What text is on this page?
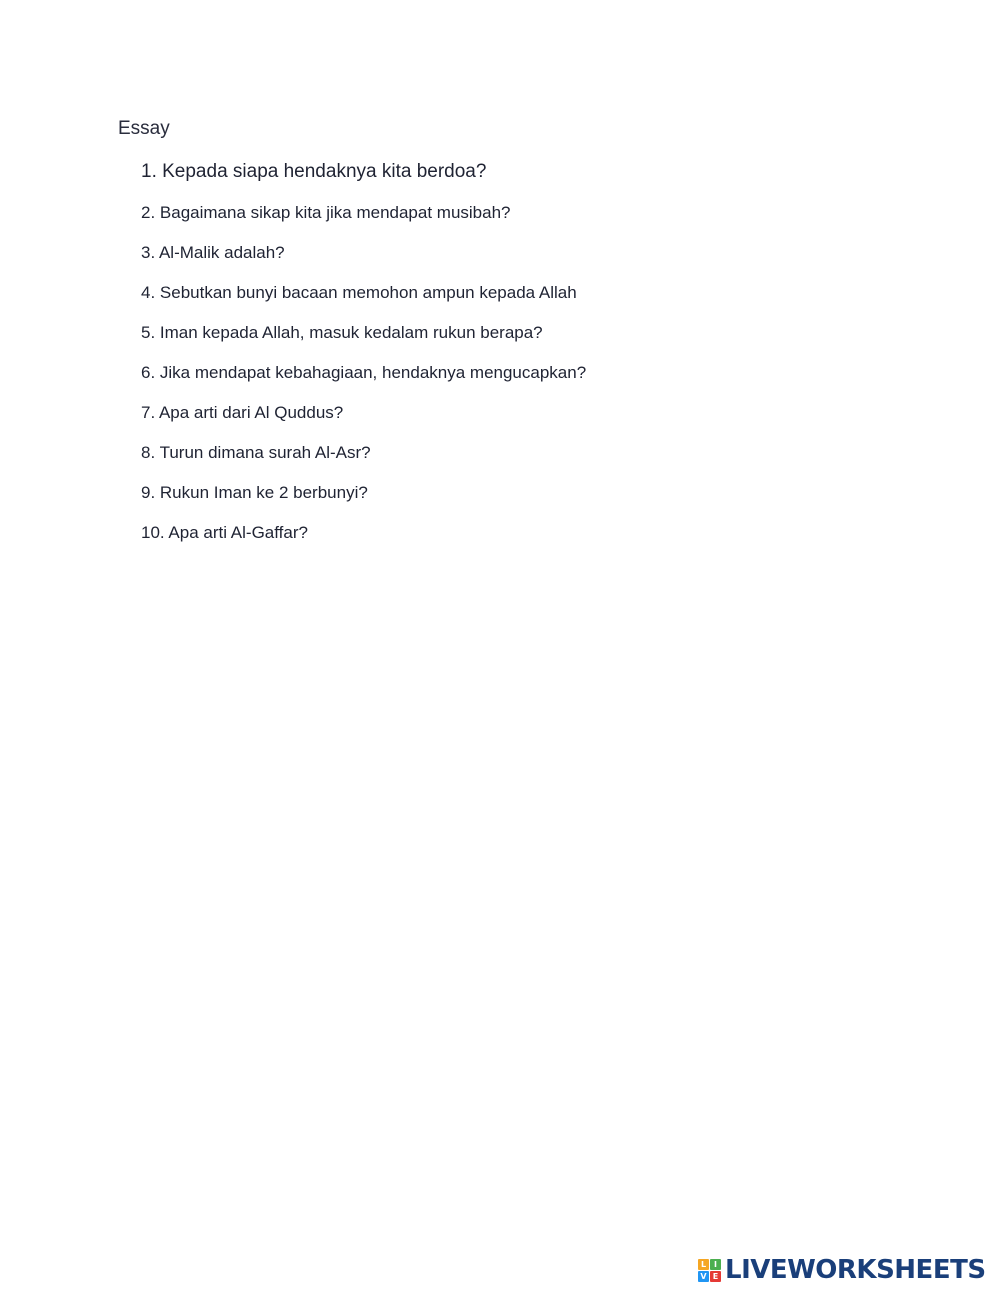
Essay
1. Kepada siapa hendaknya kita berdoa?
2. Bagaimana sikap kita jika mendapat musibah?
3. Al-Malik adalah?
4. Sebutkan bunyi bacaan memohon ampun kepada Allah
5. Iman kepada Allah, masuk kedalam rukun berapa?
6. Jika mendapat kebahagiaan, hendaknya mengucapkan?
7. Apa arti dari Al Quddus?
8. Turun dimana surah Al-Asr?
9. Rukun Iman ke 2 berbunyi?
10. Apa arti Al-Gaffar?
L I
V E LIVEWORKSHEETS
